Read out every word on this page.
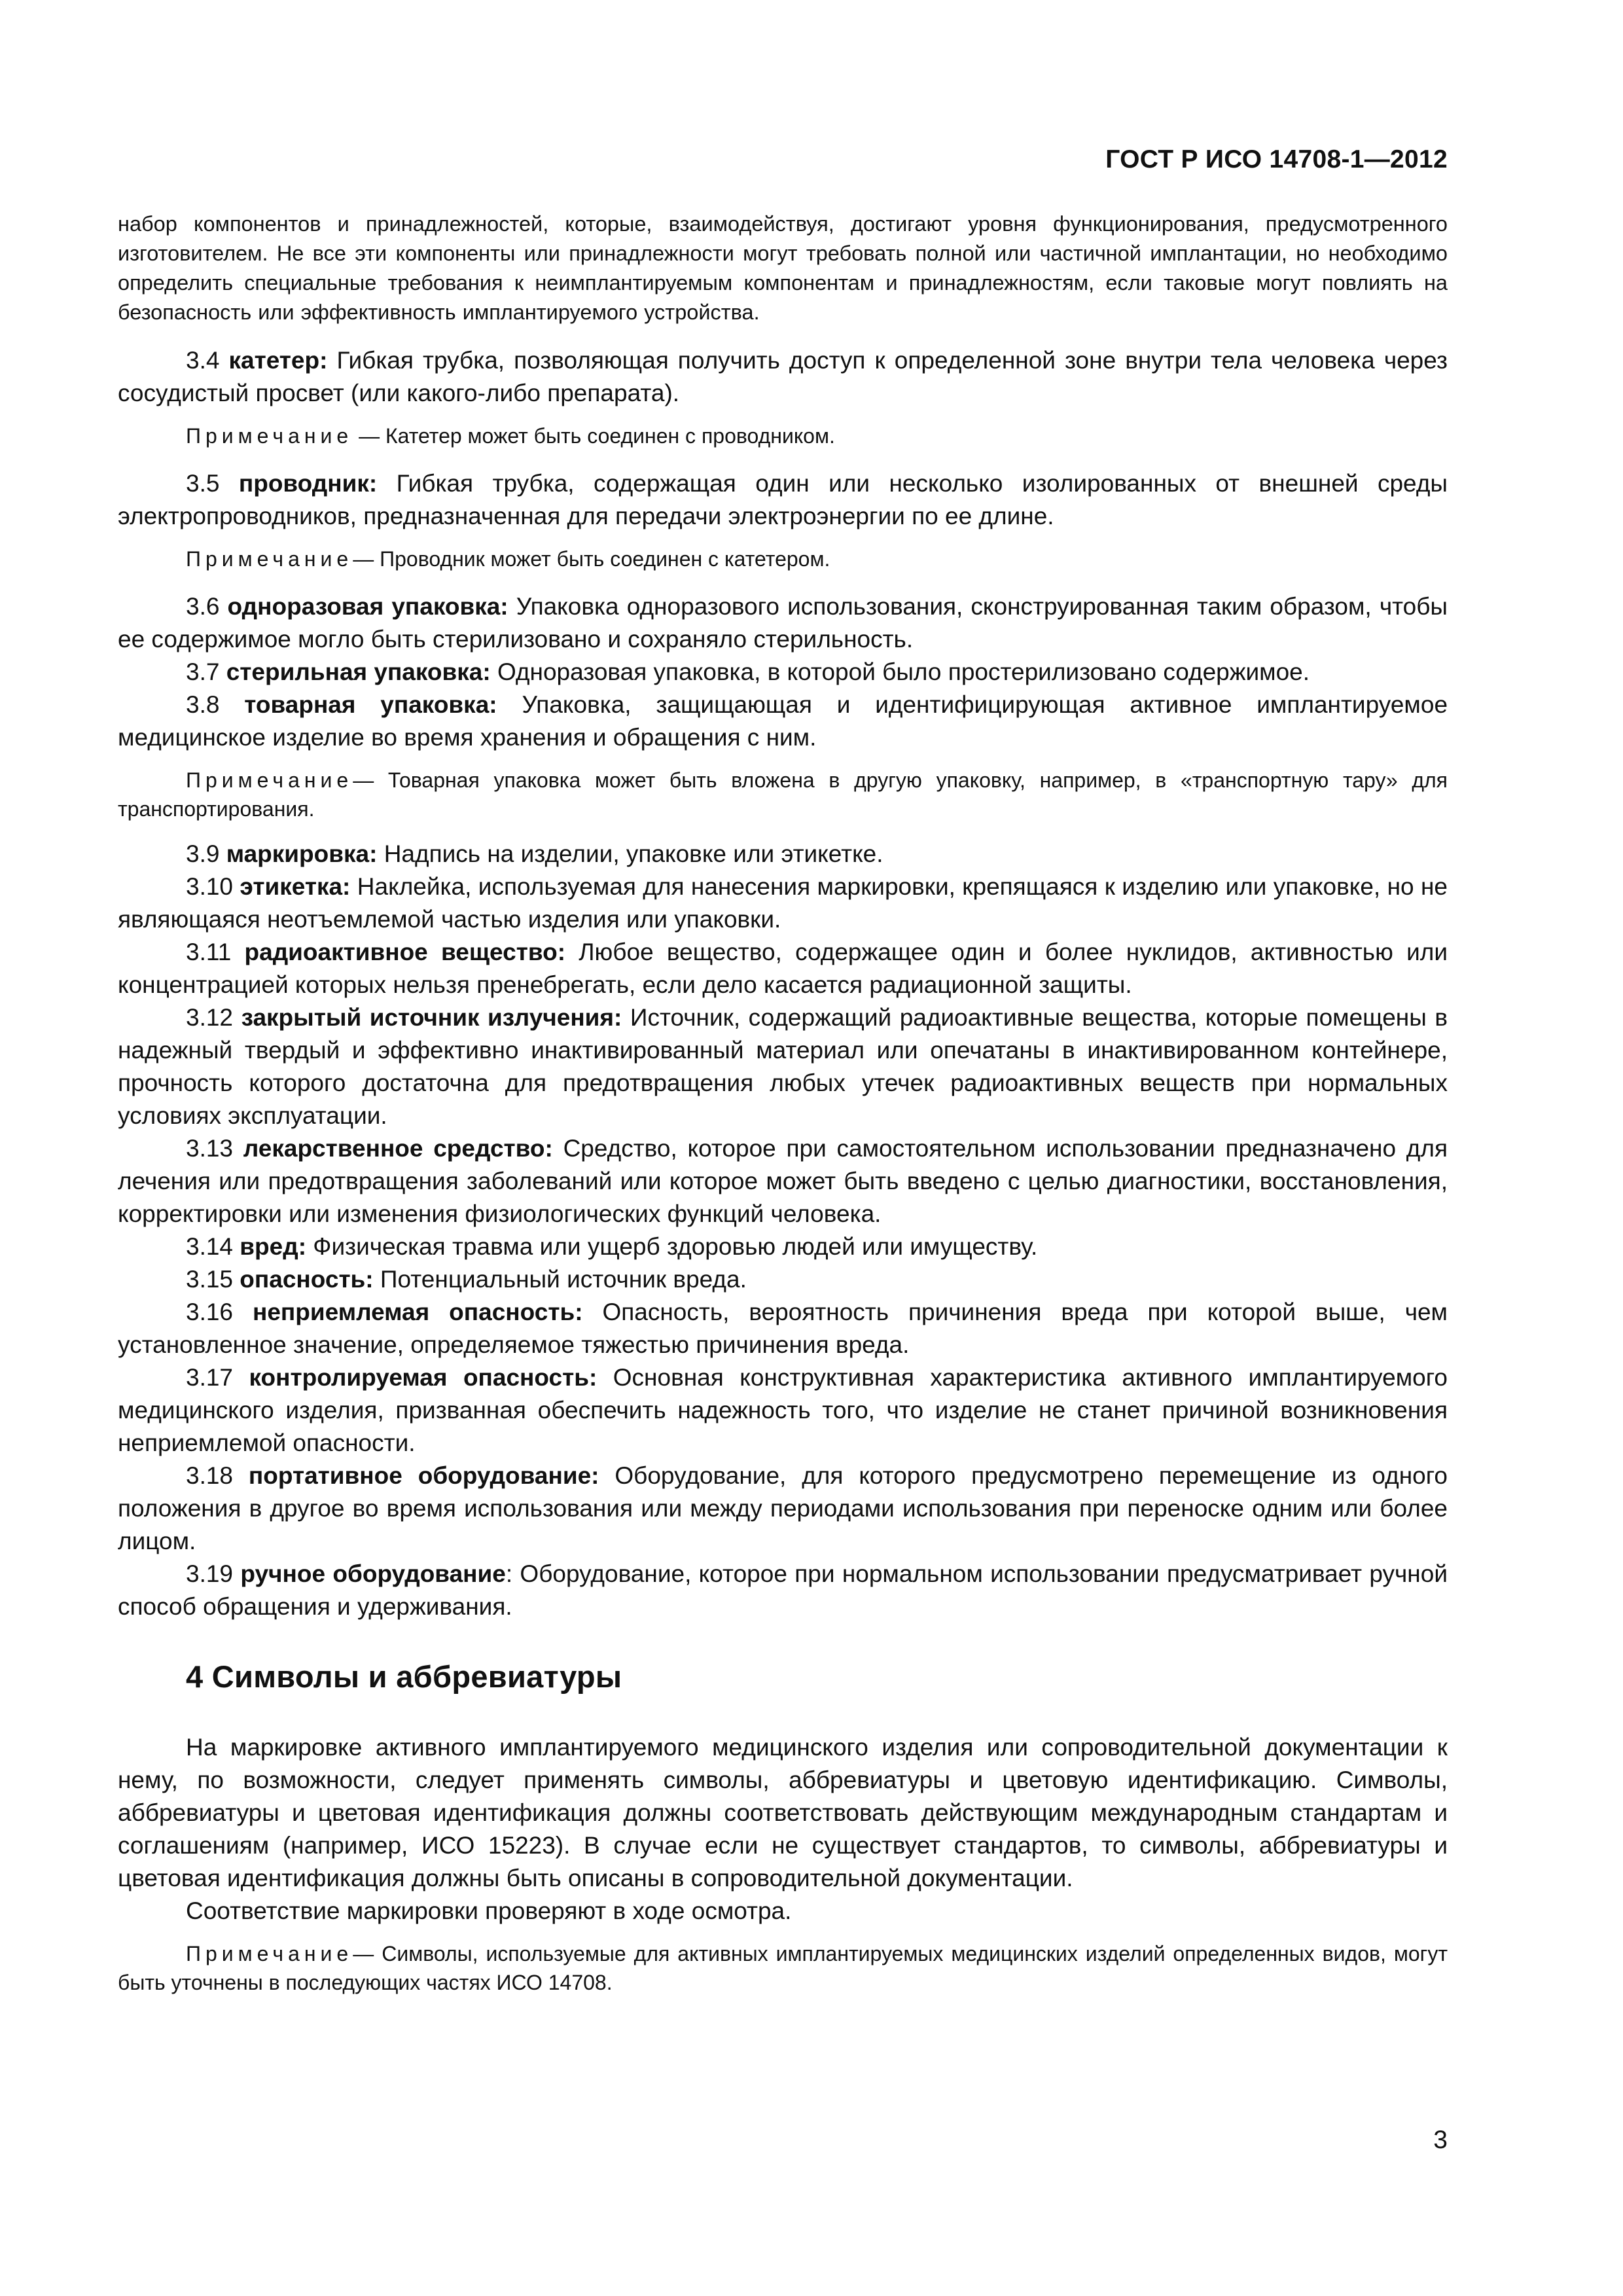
ГОСТ Р ИСО 14708-1—2012

набор компонентов и принадлежностей, которые, взаимодействуя, достигают уровня функционирования, предусмотренного изготовителем. Не все эти компоненты или принадлежности могут требовать полной или частичной имплантации, но необходимо определить специальные требования к неимплантируемым компонентам и принадлежностям, если таковые могут повлиять на безопасность или эффективность имплантируемого устройства.

3.4 катетер: Гибкая трубка, позволяющая получить доступ к определенной зоне внутри тела человека через сосудистый просвет (или какого-либо препарата).

Примечание — Катетер может быть соединен с проводником.

3.5 проводник: Гибкая трубка, содержащая один или несколько изолированных от внешней среды электропроводников, предназначенная для передачи электроэнергии по ее длине.

Примечание— Проводник может быть соединен с катетером.

3.6 одноразовая упаковка: Упаковка одноразового использования, сконструированная таким образом, чтобы ее содержимое могло быть стерилизовано и сохраняло стерильность.

3.7 стерильная упаковка: Одноразовая упаковка, в которой было простерилизовано содержимое.

3.8 товарная упаковка: Упаковка, защищающая и идентифицирующая активное имплантируемое медицинское изделие во время хранения и обращения с ним.

Примечание— Товарная упаковка может быть вложена в другую упаковку, например, в «транспортную тару» для транспортирования.

3.9 маркировка: Надпись на изделии, упаковке или этикетке.

3.10 этикетка: Наклейка, используемая для нанесения маркировки, крепящаяся к изделию или упаковке, но не являющаяся неотъемлемой частью изделия или упаковки.

3.11 радиоактивное вещество: Любое вещество, содержащее один и более нуклидов, активностью или концентрацией которых нельзя пренебрегать, если дело касается радиационной защиты.

3.12 закрытый источник излучения: Источник, содержащий радиоактивные вещества, которые помещены в надежный твердый и эффективно инактивированный материал или опечатаны в инактивированном контейнере, прочность которого достаточна для предотвращения любых утечек радиоактивных веществ при нормальных условиях эксплуатации.

3.13 лекарственное средство: Средство, которое при самостоятельном использовании предназначено для лечения или предотвращения заболеваний или которое может быть введено с целью диагностики, восстановления, корректировки или изменения физиологических функций человека.

3.14 вред: Физическая травма или ущерб здоровью людей или имуществу.

3.15 опасность: Потенциальный источник вреда.

3.16 неприемлемая опасность: Опасность, вероятность причинения вреда при которой выше, чем установленное значение, определяемое тяжестью причинения вреда.

3.17 контролируемая опасность: Основная конструктивная характеристика активного имплантируемого медицинского изделия, призванная обеспечить надежность того, что изделие не станет причиной возникновения неприемлемой опасности.

3.18 портативное оборудование: Оборудование, для которого предусмотрено перемещение из одного положения в другое во время использования или между периодами использования при переноске одним или более лицом.

3.19 ручное оборудование: Оборудование, которое при нормальном использовании предусматривает ручной способ обращения и удерживания.

4 Символы и аббревиатуры

На маркировке активного имплантируемого медицинского изделия или сопроводительной документации к нему, по возможности, следует применять символы, аббревиатуры и цветовую идентификацию. Символы, аббревиатуры и цветовая идентификация должны соответствовать действующим международным стандартам и соглашениям (например, ИСО 15223). В случае если не существует стандартов, то символы, аббревиатуры и цветовая идентификация должны быть описаны в сопроводительной документации.

Соответствие маркировки проверяют в ходе осмотра.

Примечание— Символы, используемые для активных имплантируемых медицинских изделий определенных видов, могут быть уточнены в последующих частях ИСО 14708.

3
